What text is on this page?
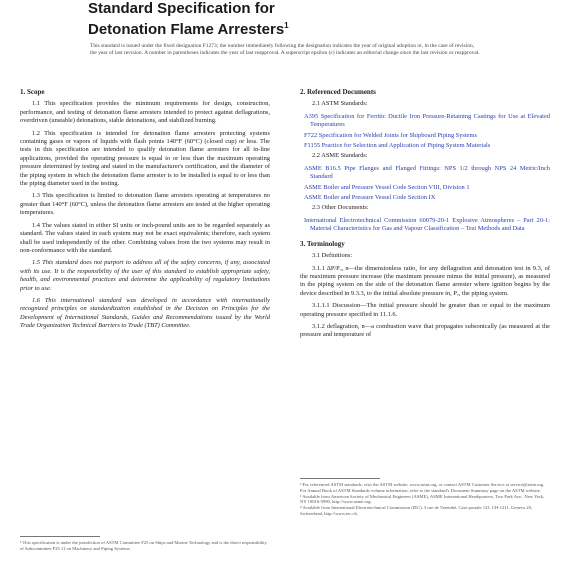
Standard Specification for
Detonation Flame Arresters$^1$
This standard is issued under the fixed designation F1273; the number immediately following the designation indicates the year of original adoption or, in the case of revision, the year of last revision. A number in parentheses indicates the year of last reapproval. A superscript epsilon (ε) indicates an editorial change since the last revision or reapproval.
1. Scope
1.1 This specification provides the minimum requirements for design, construction, performance, and testing of detonation flame arresters intended to protect against deflagrations, overdriven (unstable) detonations, stable detonations, and stabilized burning.
1.2 This specification is intended for detonation flame arresters protecting systems containing gases or vapors of liquids with flash points 140°F (60°C) (closed cup) or less. The tests in this specification are intended to qualify detonation flame arresters for all in-line applications, provided the operating pressure is equal to or less than the maximum operating pressure determined by testing and stated in the manufacturer's certification, and the diameter of the piping system in which the detonation flame arrester is to be installed is equal to or less than the piping diameter used in the testing.
1.3 This specification is limited to detonation flame arresters operating at temperatures no greater than 140°F (60°C), unless the detonation flame arresters are tested at the higher operating temperatures.
1.4 The values stated in either SI units or inch-pound units are to be regarded separately as standard. The values stated in each system may not be exact equivalents; therefore, each system shall be used independently of the other. Combining values from the two systems may result in non-conformance with the standard.
1.5 This standard does not purport to address all of the safety concerns, if any, associated with its use. It is the responsibility of the user of this standard to establish appropriate safety, health, and environmental practices and determine the applicability of regulatory limitations prior to use.
1.6 This international standard was developed in accordance with internationally recognized principles on standardization established in the Decision on Principles for the Development of International Standards, Guides and Recommendations issued by the World Trade Organization Technical Barriers to Trade (TBT) Committee.
¹ This specification is under the jurisdiction of ASTM Committee F25 on Ships and Marine Technology and is the direct responsibility of Subcommittee F25.11 on Machinery and Piping Systems.
2. Referenced Documents
2.1 ASTM Standards:
A395 Specification for Ferritic Ductile Iron Pressure-Retaining Castings for Use at Elevated Temperatures
F722 Specification for Welded Joints for Shipboard Piping Systems
F1155 Practice for Selection and Application of Piping System Materials
2.2 ASME Standards:
ASME B16.5 Pipe Flanges and Flanged Fittings: NPS 1/2 through NPS 24 Metric/Inch Standard
ASME Boiler and Pressure Vessel Code Section VIII, Division 1
ASME Boiler and Pressure Vessel Code Section IX
2.3 Other Documents:
International Electrotechnical Commission 60079-20-1 Explosive Atmospheres – Part 20-1: Material Characteristics for Gas and Vapour Classification – Test Methods and Data
3. Terminology
3.1 Definitions:
3.1.1 ΔP/Pₒ, n—the dimensionless ratio, for any deflagration and detonation test in 9.3, of the maximum pressure increase (the maximum pressure minus the initial pressure), as measured in the piping system on the side of the detonation flame arrester where ignition begins by the device described in 9.3.3, to the initial absolute pressure in, Pₒ, the piping system.
3.1.1.1 Discussion—The initial pressure should be greater than or equal to the maximum operating pressure specified in 11.1.6.
3.1.2 deflagration, n—a combustion wave that propagates subsonically (as measured at the pressure and temperature of
² For referenced ASTM standards, visit the ASTM website, www.astm.org, or contact ASTM Customer Service at service@astm.org. For Annual Book of ASTM Standards volume information, refer to the standard's Document Summary page on the ASTM website.
³ Available from American Society of Mechanical Engineers (ASME), ASME International Headquarters, Two Park Ave., New York, NY 10016-5990, http://www.asme.org.
⁴ Available from International Electrotechnical Commission (IEC), 3 rue de Varembé, Case postale 131, CH-1211, Geneva 20, Switzerland, http://www.iec.ch.
